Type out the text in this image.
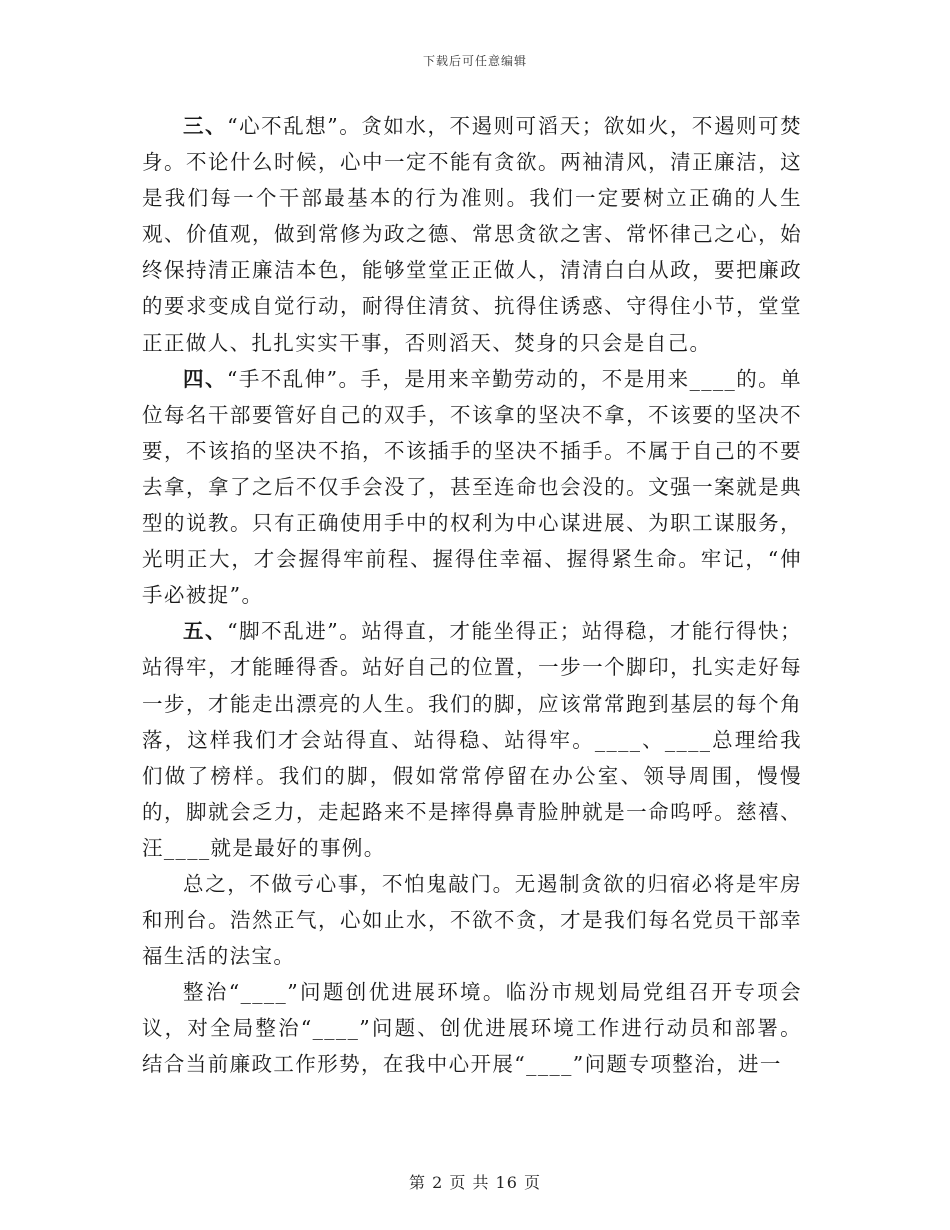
下载后可任意编辑

三、“心不乱想”。贪如水，不遏则可滔天；欲如火，不遏则可焚身。不论什么时候，心中一定不能有贪欲。两袖清风，清正廉洁，这是我们每一个干部最基本的行为准则。我们一定要树立正确的人生观、价值观，做到常修为政之德、常思贪欲之害、常怀律己之心，始终保持清正廉洁本色，能够堂堂正正做人，清清白白从政，要把廉政的要求变成自觉行动，耐得住清贫、抗得住诱惑、守得住小节，堂堂正正做人、扎扎实实干事，否则滔天、焚身的只会是自己。

四、“手不乱伸”。手，是用来辛勤劳动的，不是用来____的。单位每名干部要管好自己的双手，不该拿的坚决不拿，不该要的坚决不要，不该掐的坚决不掐，不该插手的坚决不插手。不属于自己的不要去拿，拿了之后不仅手会没了，甚至连命也会没的。文强一案就是典型的说教。只有正确使用手中的权利为中心谋进展、为职工谋服务，光明正大，才会握得牢前程、握得住幸福、握得紧生命。牢记，“伸手必被捉”。

五、“脚不乱进”。站得直，才能坐得正；站得稳，才能行得快；站得牢，才能睡得香。站好自己的位置，一步一个脚印，扎实走好每一步，才能走出漂亮的人生。我们的脚，应该常常跑到基层的每个角落，这样我们才会站得直、站得稳、站得牢。____、____总理给我们做了榜样。我们的脚，假如常常停留在办公室、领导周围，慢慢的，脚就会乏力，走起路来不是摔得鼻青脸肿就是一命呜呼。慈禧、汪____就是最好的事例。

总之，不做亏心事，不怕鬼敲门。无遏制贪欲的归宿必将是牢房和刑台。浩然正气，心如止水，不欲不贪，才是我们每名党员干部幸福生活的法宝。

整治“____”问题创优进展环境。临汾市规划局党组召开专项会议，对全局整治“____”问题、创优进展环境工作进行动员和部署。结合当前廉政工作形势，在我中心开展“____”问题专项整治，进一

第 2 页 共 16 页
